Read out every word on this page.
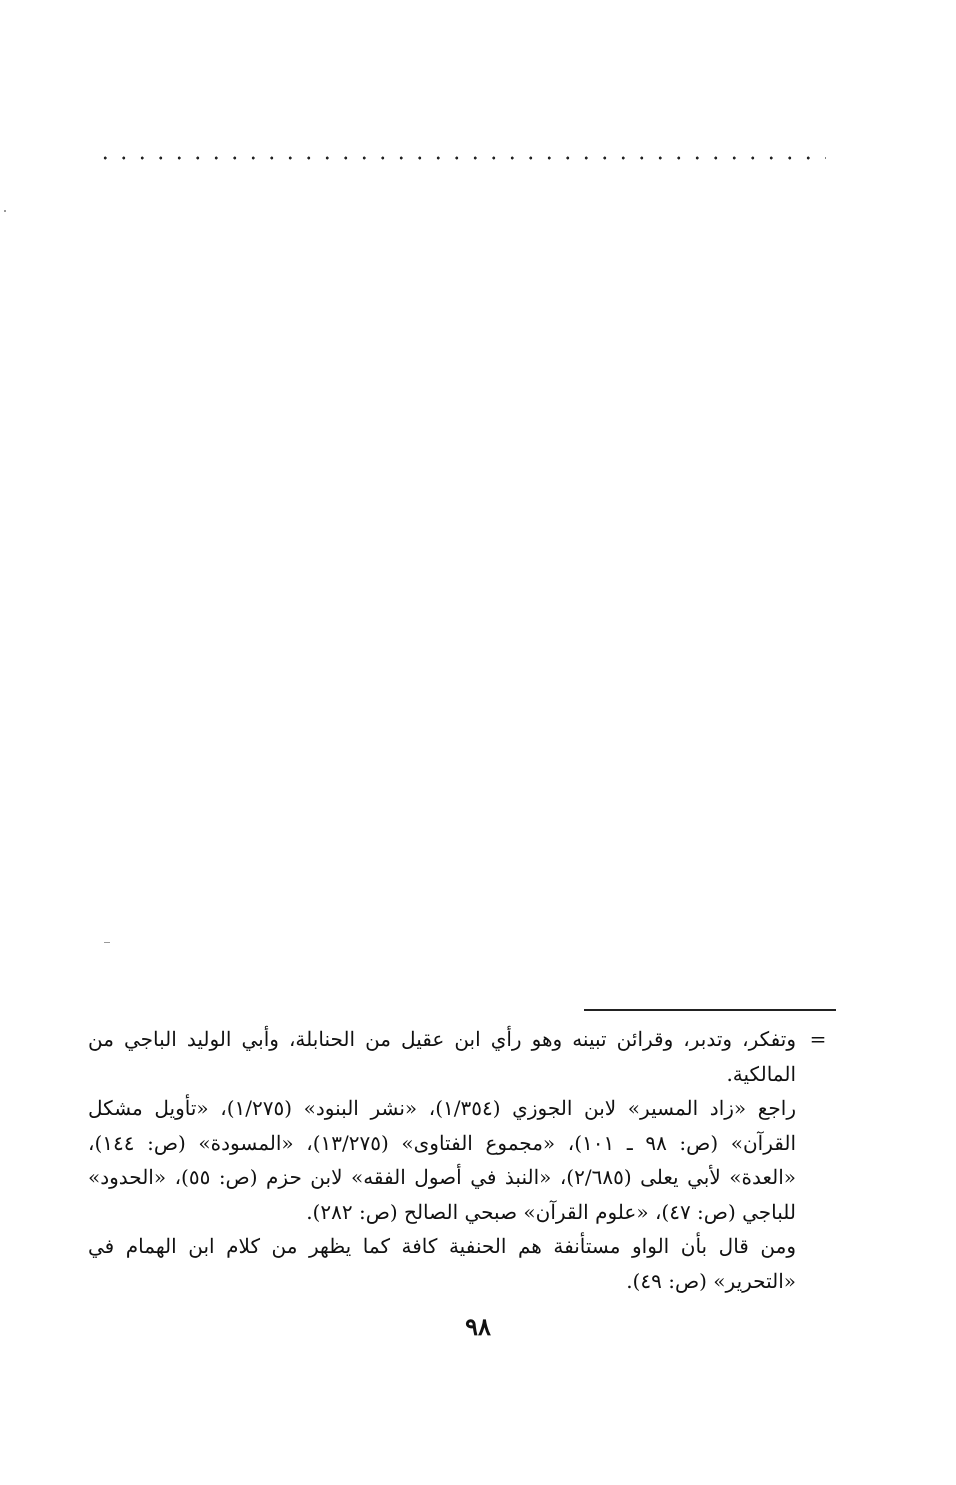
=

وتفكر، وتدبر، وقرائن تبينه وهو رأي ابن عقيل من الحنابلة، وأبي الوليد الباجي من المالكية.

راجع «زاد المسير» لابن الجوزي (١/٣٥٤)، «نشر البنود» (١/٢٧٥)، «تأويل مشكل القرآن» (ص: ٩٨ ـ ١٠١)، «مجموع الفتاوى» (١٣/٢٧٥)، «المسودة» (ص: ١٤٤)، «العدة» لأبي يعلى (٢/٦٨٥)، «النبذ في أصول الفقه» لابن حزم (ص: ٥٥)، «الحدود» للباجي (ص: ٤٧)، «علوم القرآن» صبحي الصالح (ص: ٢٨٢).

ومن قال بأن الواو مستأنفة هم الحنفية كافة كما يظهر من كلام ابن الهمام في «التحرير» (ص: ٤٩).

٩٨
